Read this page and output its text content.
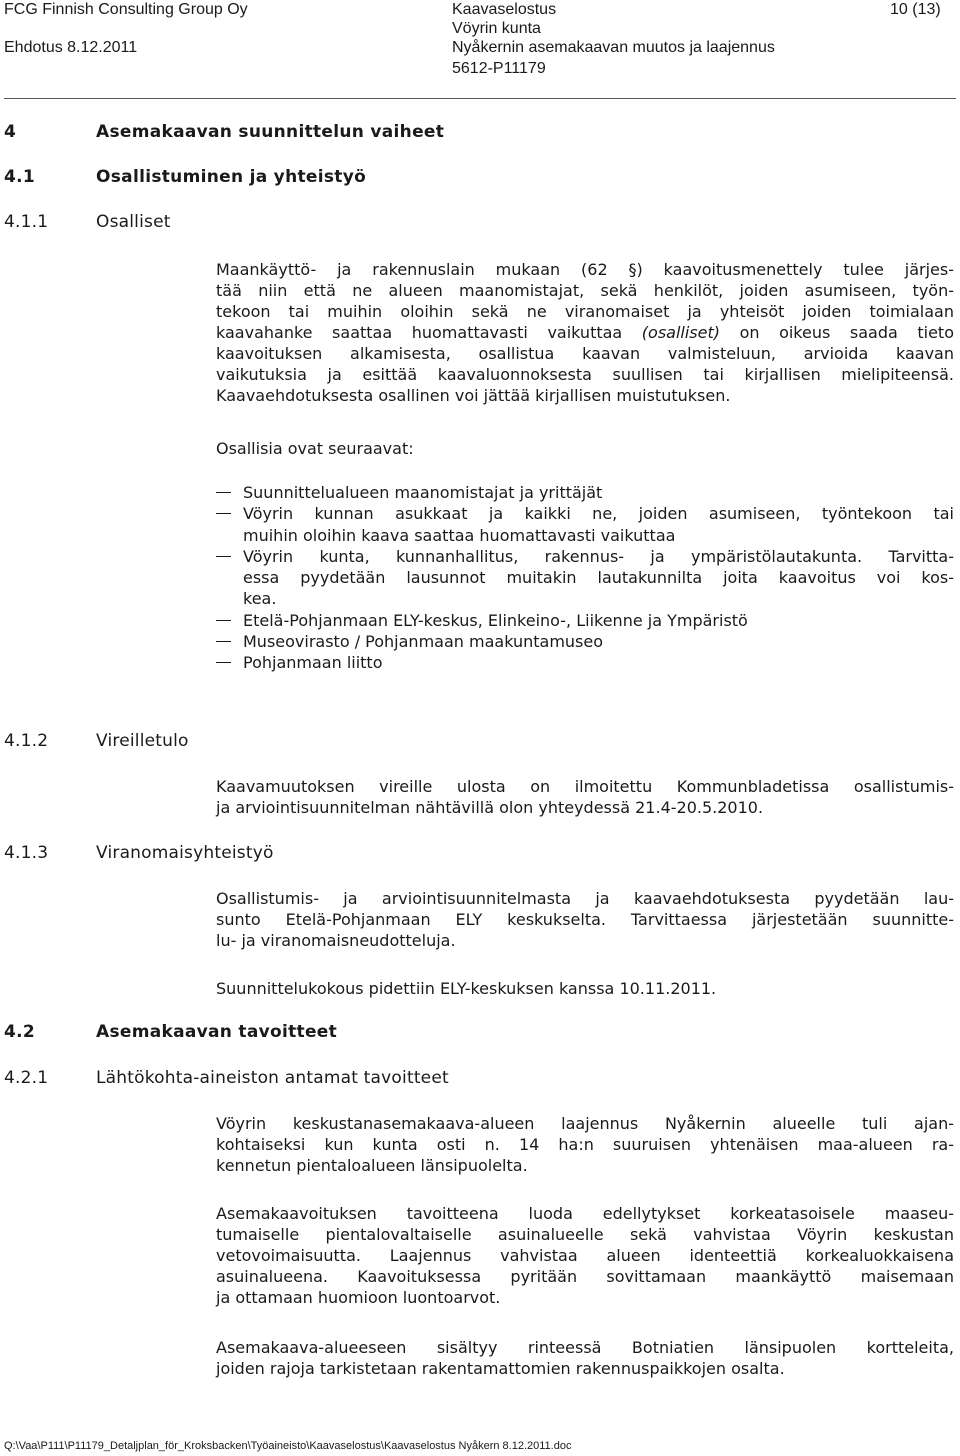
FCG Finnish Consulting Group Oy
Ehdotus 8.12.2011
Kaavaselostus
Vöyrin kunta
Nyåkernin asemakaavan muutos ja laajennus
5612-P11179
10 (13)
4	Asemakaavan suunnittelun vaiheet
4.1	Osallistuminen ja yhteistyö
4.1.1	Osalliset
Maankäyttö- ja rakennuslain mukaan (62 §) kaavoitusmenettely tulee järjes-
tää niin että ne alueen maanomistajat, sekä henkilöt, joiden asumiseen, työn-
tekoon tai muihin oloihin sekä ne viranomaiset ja yhteisöt joiden toimialaan
kaavahanke saattaa huomattavasti vaikuttaa (osalliset) on oikeus saada tieto
kaavoituksen alkamisesta, osallistua kaavan valmisteluun, arvioida kaavan
vaikutuksia ja esittää kaavaluonnoksesta suullisen tai kirjallisen mielipiteensä.
Kaavaehdotuksesta osallinen voi jättää kirjallisen muistutuksen.
Osallisia ovat seuraavat:
Suunnittelualueen maanomistajat ja yrittäjät
Vöyrin kunnan asukkaat ja kaikki ne, joiden asumiseen, työntekoon tai
muihin oloihin kaava saattaa huomattavasti vaikuttaa
Vöyrin kunta, kunnanhallitus, rakennus- ja ympäristölautakunta. Tarvitta-
essa pyydetään lausunnot muitakin lautakunnilta joita kaavoitus voi kos-
kea.
Etelä-Pohjanmaan ELY-keskus, Elinkeino-, Liikenne ja Ympäristö
Museovirasto / Pohjanmaan maakuntamuseo
Pohjanmaan liitto
4.1.2	Vireilletulo
Kaavamuutoksen vireille ulosta on ilmoitettu Kommunbladetissa osallistumis-
ja arviointisuunnitelman nähtävillä olon yhteydessä 21.4-20.5.2010.
4.1.3	Viranomaisyhteistyö
Osallistumis- ja arviointisuunnitelmasta ja kaavaehdotuksesta pyydetään lau-
sunto Etelä-Pohjanmaan ELY keskukselta. Tarvittaessa järjestetään suunnitte-
lu- ja viranomaisneudotteluja.
Suunnittelukokous pidettiin ELY-keskuksen kanssa 10.11.2011.
4.2	Asemakaavan tavoitteet
4.2.1	Lähtökohta-aineiston antamat tavoitteet
Vöyrin keskustanasemakaava-alueen laajennus Nyåkernin alueelle tuli ajan-
kohtaiseksi kun kunta osti n. 14 ha:n suuruisen yhtenäisen maa-alueen ra-
kennetun pientaloalueen länsipuolelta.
Asemakaavoituksen tavoitteena luoda edellytykset korkeatasoisele maaseu-
tumaiselle pientalovaltaiselle asuinalueelle sekä vahvistaa Vöyrin keskustan
vetovoimaisuutta. Laajennus vahvistaa alueen identeettiä korkealuokkaisena
asuinalueena. Kaavoituksessa pyritään sovittamaan maankäyttö maisemaan
ja ottamaan huomioon luontoarvot.
Asemakaava-alueeseen sisältyy rinteessä Botniatien länsipuolen kortteleita,
joiden rajoja tarkistetaan rakentamattomien rakennuspaikkojen osalta.
Q:\Vaa\P111\P11179_Detaljplan_för_Kroksbacken\Työaineisto\Kaavaselostus\Kaavaselostus Nyåkern 8.12.2011.doc
